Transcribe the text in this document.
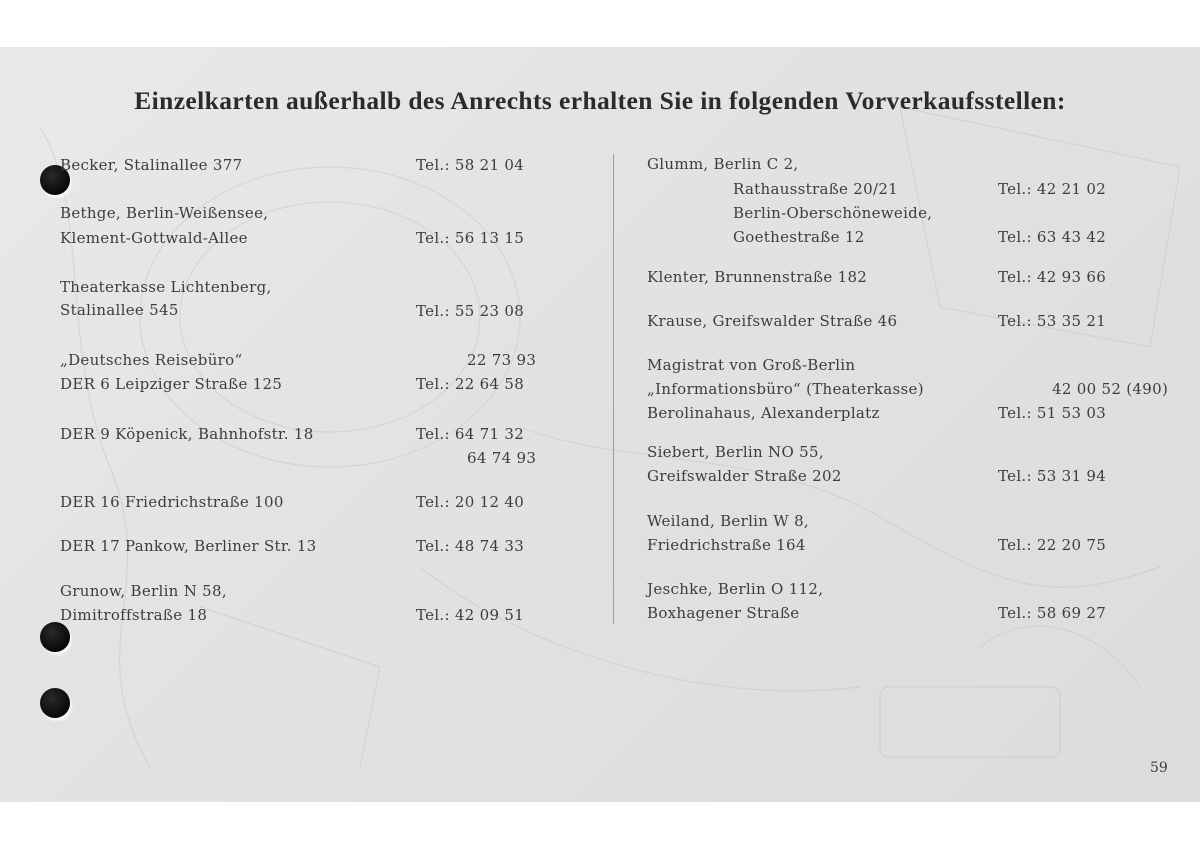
Einzelkarten außerhalb des Anrechts erhalten Sie in folgenden Vorverkaufsstellen:
Becker, Stalinallee 377	Tel.: 58 21 04
Bethge, Berlin-Weißensee,
Klement-Gottwald-Allee	Tel.: 56 13 15
Theaterkasse Lichtenberg,
Stalinallee 545	Tel.: 55 23 08
„Deutsches Reisebüro“	22 73 93
DER 6 Leipziger Straße 125	Tel.: 22 64 58
DER 9 Köpenick, Bahnhofstr. 18	Tel.: 64 71 32
64 74 93
DER 16 Friedrichstraße 100	Tel.: 20 12 40
DER 17 Pankow, Berliner Str. 13	Tel.: 48 74 33
Grunow, Berlin N 58,
Dimitroffstraße 18	Tel.: 42 09 51
Glumm, Berlin C 2,
Rathausstraße 20/21	Tel.: 42 21 02
Berlin-Oberschöneweide,
Goethestraße 12	Tel.: 63 43 42
Klenter, Brunnenstraße 182	Tel.: 42 93 66
Krause, Greifswalder Straße 46	Tel.: 53 35 21
Magistrat von Groß-Berlin
„Informationsbüro“ (Theaterkasse)	42 00 52 (490)
Berolinahaus, Alexanderplatz	Tel.: 51 53 03
Siebert, Berlin NO 55,
Greifswalder Straße 202	Tel.: 53 31 94
Weiland, Berlin W 8,
Friedrichstraße 164	Tel.: 22 20 75
Jeschke, Berlin O 112,
Boxhagener Straße	Tel.: 58 69 27
59
